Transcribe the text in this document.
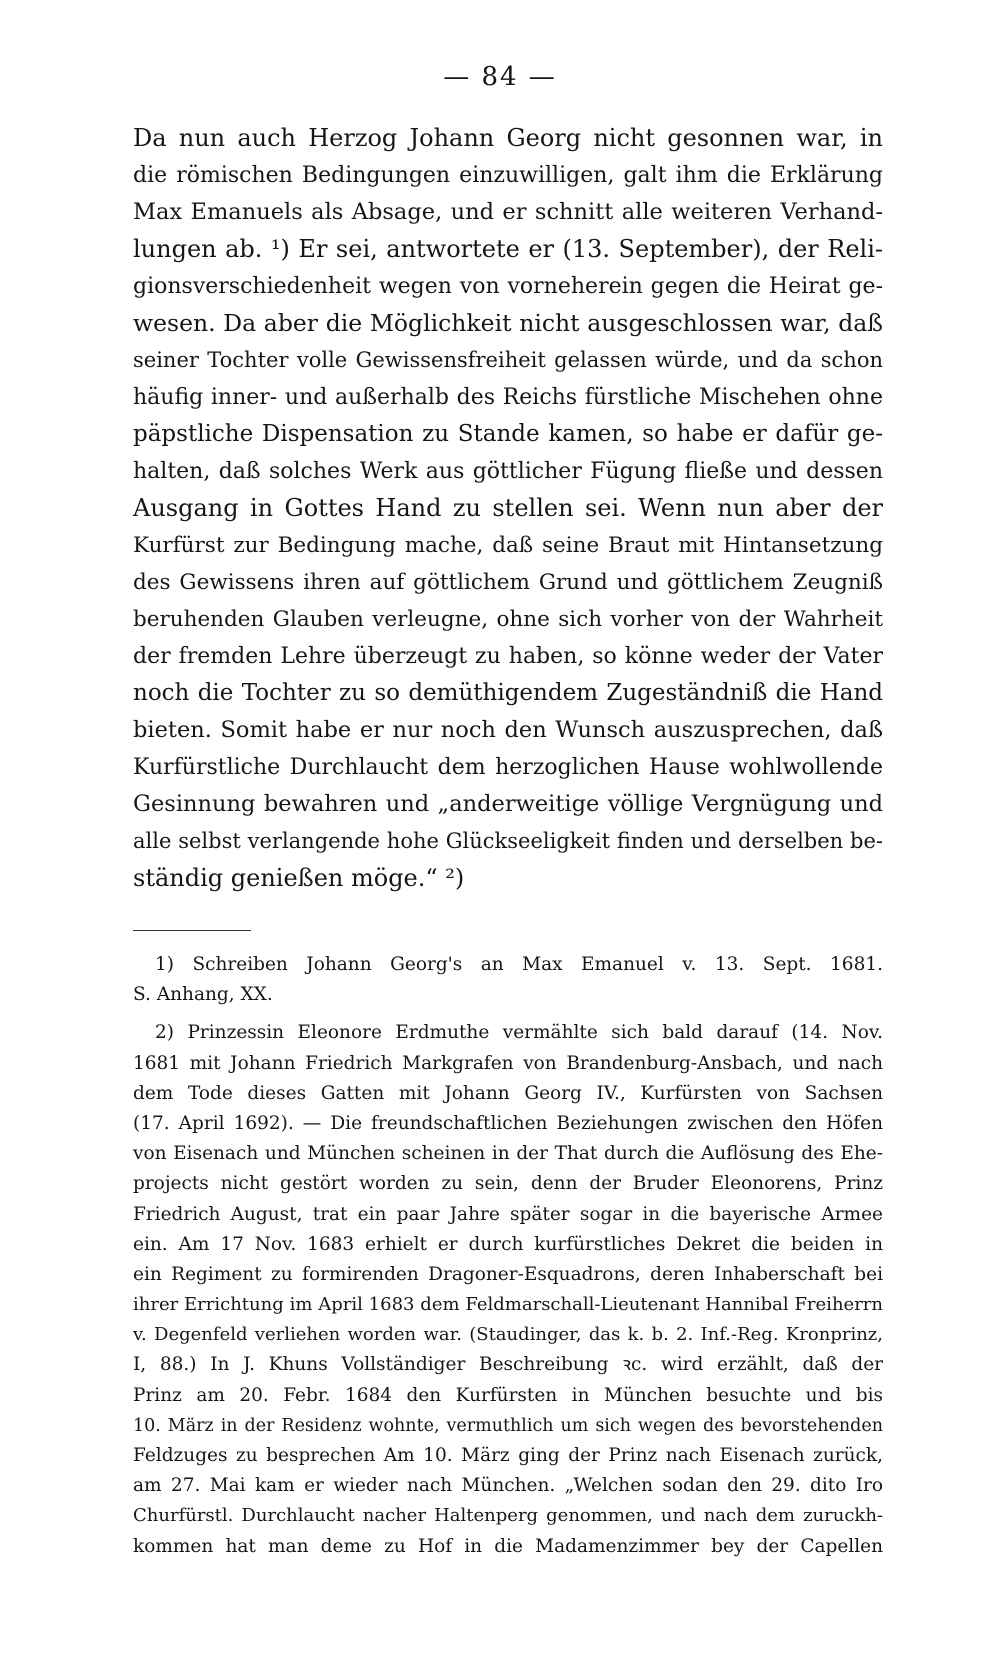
— 84 —
Da nun auch Herzog Johann Georg nicht gesonnen war, in
die römischen Bedingungen einzuwilligen, galt ihm die Erklärung
Max Emanuels als Absage, und er schnitt alle weiteren Verhand-
lungen ab. ¹) Er sei, antwortete er (13. September), der Reli-
gionsverschiedenheit wegen von vorneherein gegen die Heirat ge-
wesen. Da aber die Möglichkeit nicht ausgeschlossen war, daß
seiner Tochter volle Gewissensfreiheit gelassen würde, und da schon
häufig inner- und außerhalb des Reichs fürstliche Mischehen ohne
päpstliche Dispensation zu Stande kamen, so habe er dafür ge-
halten, daß solches Werk aus göttlicher Fügung fließe und dessen
Ausgang in Gottes Hand zu stellen sei. Wenn nun aber der
Kurfürst zur Bedingung mache, daß seine Braut mit Hintansetzung
des Gewissens ihren auf göttlichem Grund und göttlichem Zeugniß
beruhenden Glauben verleugne, ohne sich vorher von der Wahrheit
der fremden Lehre überzeugt zu haben, so könne weder der Vater
noch die Tochter zu so demüthigendem Zugeständniß die Hand
bieten. Somit habe er nur noch den Wunsch auszusprechen, daß
Kurfürstliche Durchlaucht dem herzoglichen Hause wohlwollende
Gesinnung bewahren und „anderweitige völlige Vergnügung und
alle selbst verlangende hohe Glückseeligkeit finden und derselben be-
ständig genießen möge.“ ²)
1) Schreiben Johann Georg's an Max Emanuel v. 13. Sept. 1681.
S. Anhang, XX.
2) Prinzessin Eleonore Erdmuthe vermählte sich bald darauf (14. Nov.
1681 mit Johann Friedrich Markgrafen von Brandenburg-Ansbach, und nach
dem Tode dieses Gatten mit Johann Georg IV., Kurfürsten von Sachsen
(17. April 1692). — Die freundschaftlichen Beziehungen zwischen den Höfen
von Eisenach und München scheinen in der That durch die Auflösung des Ehe-
projects nicht gestört worden zu sein, denn der Bruder Eleonorens, Prinz
Friedrich August, trat ein paar Jahre später sogar in die bayerische Armee
ein. Am 17 Nov. 1683 erhielt er durch kurfürstliches Dekret die beiden in
ein Regiment zu formirenden Dragoner-Esquadrons, deren Inhaberschaft bei
ihrer Errichtung im April 1683 dem Feldmarschall-Lieutenant Hannibal Freiherrn
v. Degenfeld verliehen worden war. (Staudinger, das k. b. 2. Inf.-Reg. Kronprinz,
I, 88.) In J. Khuns Vollständiger Beschreibung ꝛc. wird erzählt, daß der
Prinz am 20. Febr. 1684 den Kurfürsten in München besuchte und bis
10. März in der Residenz wohnte, vermuthlich um sich wegen des bevorstehenden
Feldzuges zu besprechen Am 10. März ging der Prinz nach Eisenach zurück,
am 27. Mai kam er wieder nach München. „Welchen sodan den 29. dito Iro
Churfürstl. Durchlaucht nacher Haltenperg genommen, und nach dem zuruckh-
kommen hat man deme zu Hof in die Madamenzimmer bey der Capellen
